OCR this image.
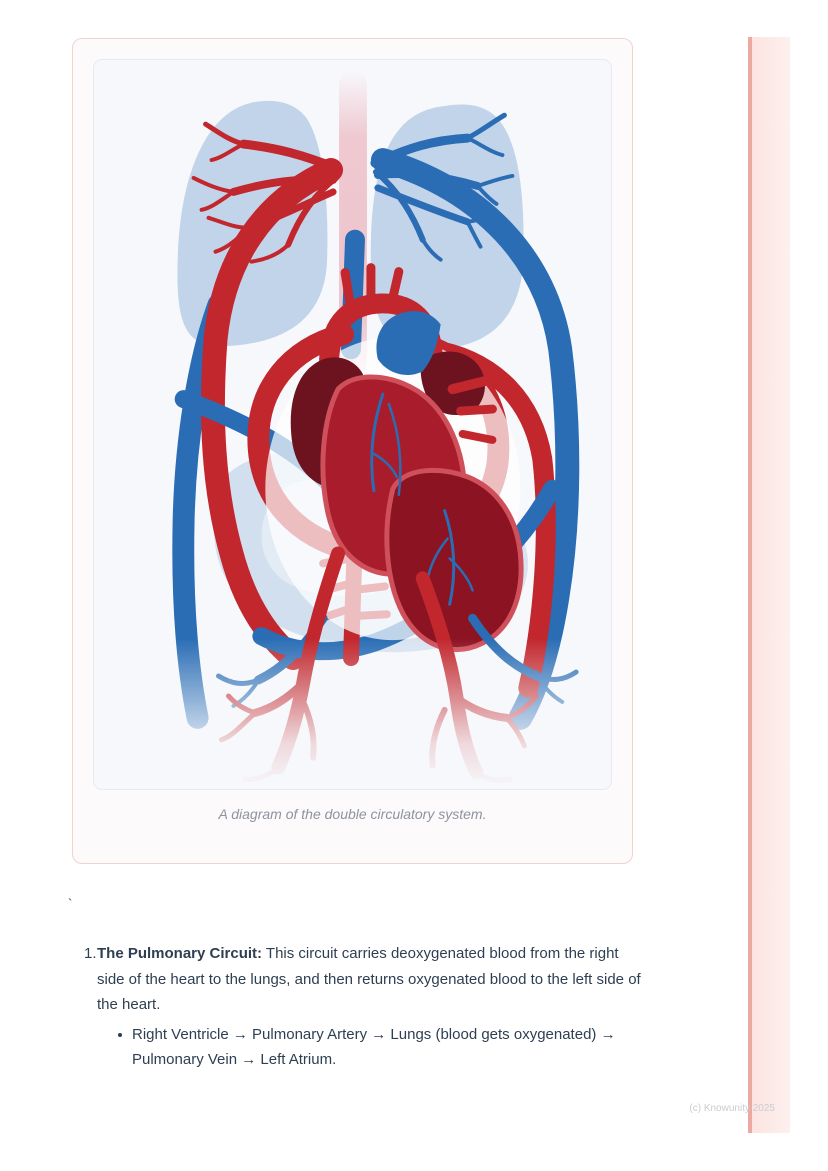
A diagram of the double circulatory system.
`
1. The Pulmonary Circuit: This circuit carries deoxygenated blood from the right side of the heart to the lungs, and then returns oxygenated blood to the left side of the heart.
Right Ventricle → Pulmonary Artery → Lungs (blood gets oxygenated) → Pulmonary Vein → Left Atrium.
(c) Knowunity 2025
